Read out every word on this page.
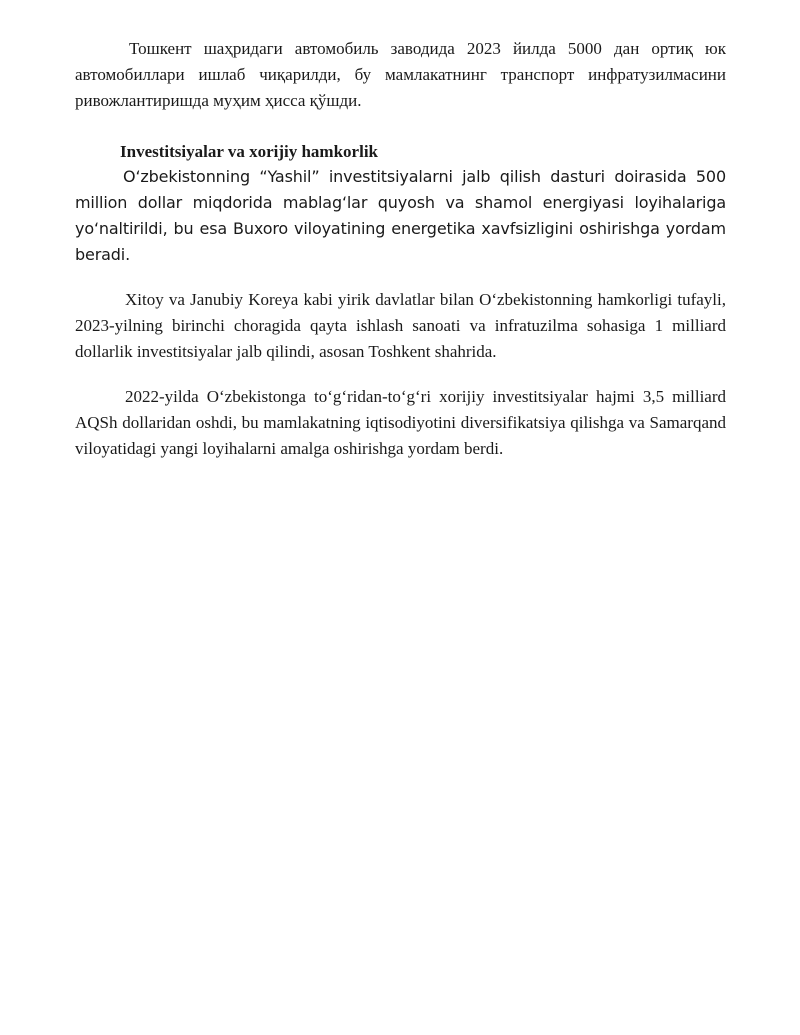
Тошкент шаҳридаги автомобиль заводида 2023 йилда 5000 дан ортиқ юк автомобиллари ишлаб чиқарилди, бу мамлакатнинг транспорт инфратузилмасини ривожлантиришда муҳим ҳисса қўшди.

Investitsiyalar va xorijiy hamkorlik

O‘zbekistonning “Yashil” investitsiyalarni jalb qilish dasturi doirasida 500 million dollar miqdorida mablag‘lar quyosh va shamol energiyasi loyihalariga yo‘naltirildi, bu esa Buxoro viloyatining energetika xavfsizligini oshirishga yordam beradi.

Xitoy va Janubiy Koreya kabi yirik davlatlar bilan O‘zbekistonning hamkorligi tufayli, 2023-yilning birinchi choragida qayta ishlash sanoati va infratuzilma sohasiga 1 milliard dollarlik investitsiyalar jalb qilindi, asosan Toshkent shahrida.

2022-yilda O‘zbekistonga to‘g‘ridan-to‘g‘ri xorijiy investitsiyalar hajmi 3,5 milliard AQSh dollaridan oshdi, bu mamlakatning iqtisodiyotini diversifikatsiya qilishga va Samarqand viloyatidagi yangi loyihalarni amalga oshirishga yordam berdi.
